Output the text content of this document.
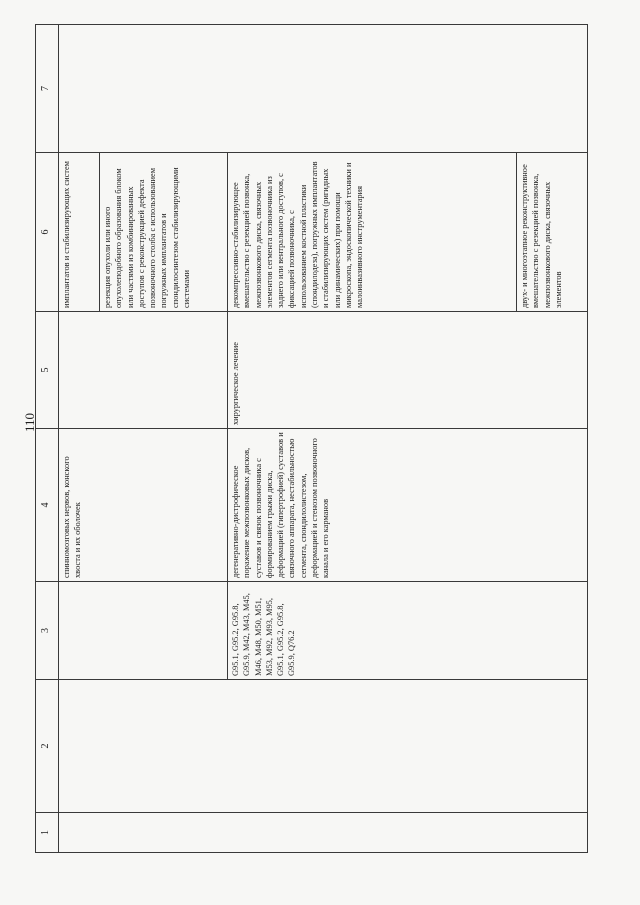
110
1
2
3
4
5
6
7
спинномозговых нервов, конского хвоста и их оболочек
имплантатов и стабилизирующих систем	резекция опухоли или иного опухолеподобного образования блоком или частями из комбинированных доступов с реконструкцией дефекта позвоночного столба с использованием погружных имплантатов и спондилосинтезом стабилизирующими системами
G95.1, G95.2, G95.8, G95.9, M42, M43, M45, M46, M48, M50, M51, M53, M92, M93, M95, G95.1, G95.2, G95.8, G95.9, Q76.2
дегенеративно-дистрофическое поражение межпозвонковых дисков, суставов и связок позвоночника с формированием грыжи диска, деформацией (гипертрофией) суставов и связочного аппарата, нестабильностью сегмента, спондилолистезом, деформацией и стенозом позвоночного канала и его карманов
хирургическое лечение
декомпрессивно-стабилизирующее вмешательство с резекцией позвонка, межпозвонкового диска, связочных элементов сегмента позвоночника из заднего или вентрального доступов, с фиксацией позвоночника, с использованием костной пластики (спондилодеза), погружных имплантатов и стабилизирующих систем (ригидных или динамических) при помощи микроскопа, эндоскопической техники и малоинвазивного инструментария	двух- и многоэтапное реконструктивное вмешательство с резекцией позвонка, межпозвонкового диска, связочных элементов
